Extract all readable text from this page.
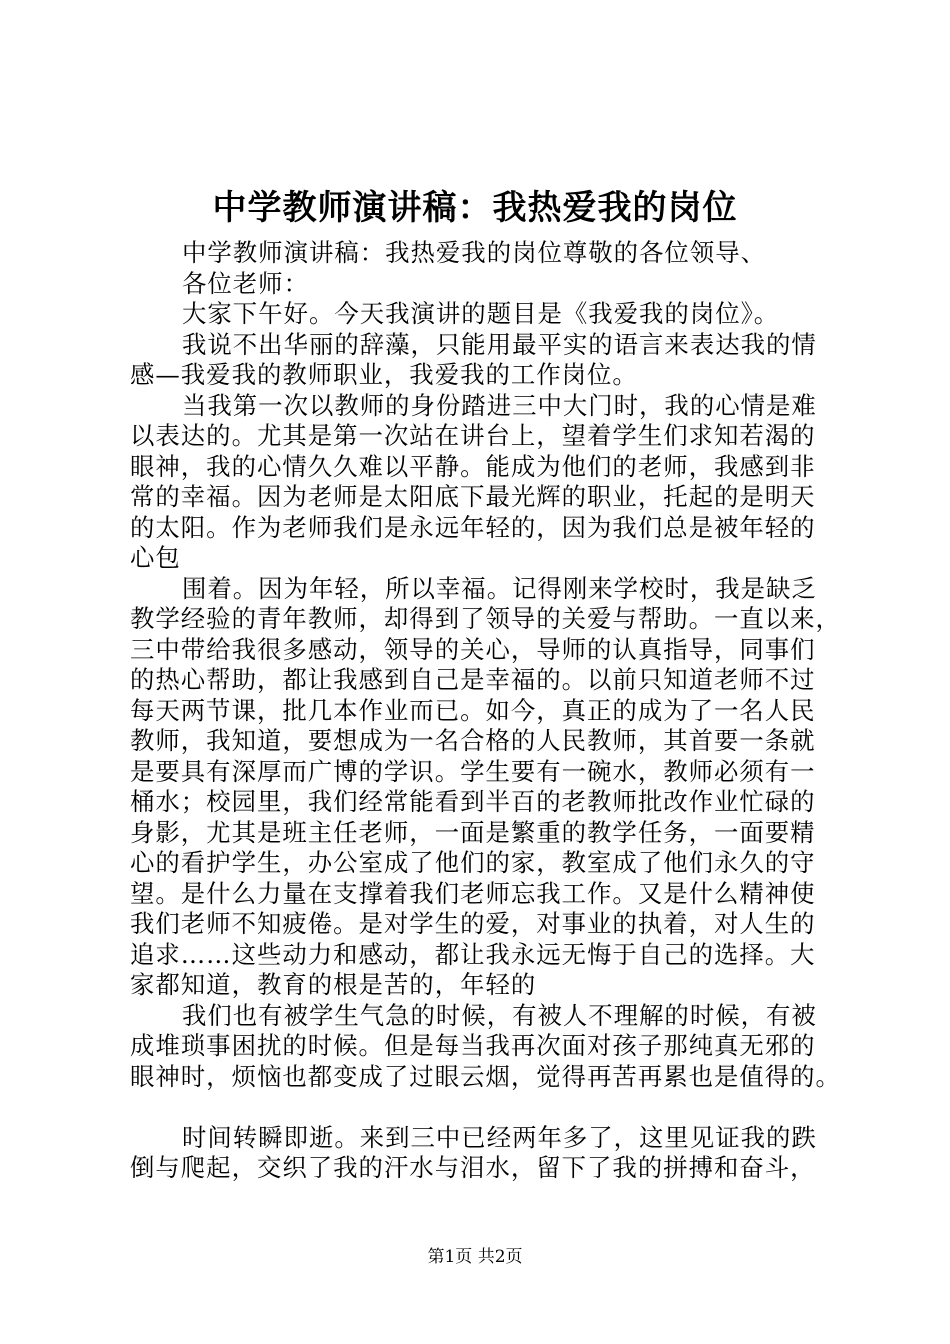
中学教师演讲稿：我热爱我的岗位
中学教师演讲稿：我热爱我的岗位尊敬的各位领导、
各位老师：
大家下午好。今天我演讲的题目是《我爱我的岗位》。
我说不出华丽的辞藻，只能用最平实的语言来表达我的情
感—我爱我的教师职业，我爱我的工作岗位。
当我第一次以教师的身份踏进三中大门时，我的心情是难
以表达的。尤其是第一次站在讲台上，望着学生们求知若渴的
眼神，我的心情久久难以平静。能成为他们的老师，我感到非
常的幸福。因为老师是太阳底下最光辉的职业，托起的是明天
的太阳。作为老师我们是永远年轻的，因为我们总是被年轻的
心包
围着。因为年轻，所以幸福。记得刚来学校时，我是缺乏
教学经验的青年教师，却得到了领导的关爱与帮助。一直以来，
三中带给我很多感动，领导的关心，导师的认真指导，同事们
的热心帮助，都让我感到自己是幸福的。以前只知道老师不过
每天两节课，批几本作业而已。如今，真正的成为了一名人民
教师，我知道，要想成为一名合格的人民教师，其首要一条就
是要具有深厚而广博的学识。学生要有一碗水，教师必须有一
桶水；校园里，我们经常能看到半百的老教师批改作业忙碌的
身影，尤其是班主任老师，一面是繁重的教学任务，一面要精
心的看护学生，办公室成了他们的家，教室成了他们永久的守
望。是什么力量在支撑着我们老师忘我工作。又是什么精神使
我们老师不知疲倦。是对学生的爱，对事业的执着，对人生的
追求……这些动力和感动，都让我永远无悔于自己的选择。大
家都知道，教育的根是苦的，年轻的
我们也有被学生气急的时候，有被人不理解的时候，有被
成堆琐事困扰的时候。但是每当我再次面对孩子那纯真无邪的
眼神时，烦恼也都变成了过眼云烟，觉得再苦再累也是值得的。
时间转瞬即逝。来到三中已经两年多了，这里见证我的跌
倒与爬起，交织了我的汗水与泪水，留下了我的拼搏和奋斗，
第1页 共2页
